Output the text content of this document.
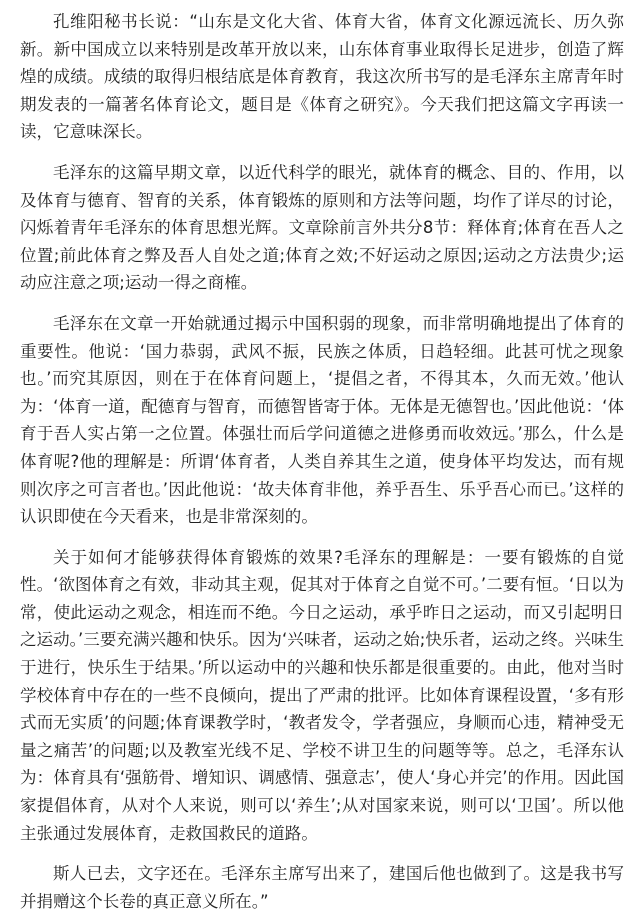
孔维阳秘书长说：“山东是文化大省、体育大省，体育文化源远流长、历久弥新。新中国成立以来特别是改革开放以来，山东体育事业取得长足进步，创造了辉煌的成绩。成绩的取得归根结底是体育教育，我这次所书写的是毛泽东主席青年时期发表的一篇著名体育论文，题目是《体育之研究》。今天我们把这篇文字再读一读，它意味深长。

毛泽东的这篇早期文章，以近代科学的眼光，就体育的概念、目的、作用，以及体育与德育、智育的关系，体育锻炼的原则和方法等问题，均作了详尽的讨论，闪烁着青年毛泽东的体育思想光辉。文章除前言外共分8节：释体育;体育在吾人之位置;前此体育之弊及吾人自处之道;体育之效;不好运动之原因;运动之方法贵少;运动应注意之项;运动一得之商榷。

毛泽东在文章一开始就通过揭示中国积弱的现象，而非常明确地提出了体育的重要性。他说：‘国力恭弱，武风不振，民族之体质，日趋轻细。此甚可忧之现象也。’而究其原因，则在于在体育问题上，‘提倡之者，不得其本，久而无效。’他认为：‘体育一道，配德育与智育，而德智皆寄于体。无体是无德智也。’因此他说：‘体育于吾人实占第一之位置。体强壮而后学问道德之进修勇而收效远。’那么，什么是体育呢?他的理解是：所谓‘体育者，人类自养其生之道，使身体平均发达，而有规则次序之可言者也。’因此他说：‘故夫体育非他，养乎吾生、乐乎吾心而已。’这样的认识即使在今天看来，也是非常深刻的。

关于如何才能够获得体育锻炼的效果?毛泽东的理解是：一要有锻炼的自觉性。‘欲图体育之有效，非动其主观，促其对于体育之自觉不可。’二要有恒。‘日以为常，使此运动之观念，相连而不绝。今日之运动，承乎昨日之运动，而又引起明日之运动。’三要充满兴趣和快乐。因为‘兴味者，运动之始;快乐者，运动之终。兴味生于进行，快乐生于结果。’所以运动中的兴趣和快乐都是很重要的。由此，他对当时学校体育中存在的一些不良倾向，提出了严肃的批评。比如体育课程设置，‘多有形式而无实质’的问题;体育课教学时，‘教者发令，学者强应，身顺而心违，精神受无量之痛苦’的问题;以及教室光线不足、学校不讲卫生的问题等等。总之，毛泽东认为：体育具有‘强筋骨、增知识、调感情、强意志’，使人‘身心并完’的作用。因此国家提倡体育，从对个人来说，则可以‘养生’;从对国家来说，则可以‘卫国’。所以他主张通过发展体育，走救国救民的道路。

斯人已去，文字还在。毛泽东主席写出来了，建国后他也做到了。这是我书写并捐赠这个长卷的真正意义所在。”
